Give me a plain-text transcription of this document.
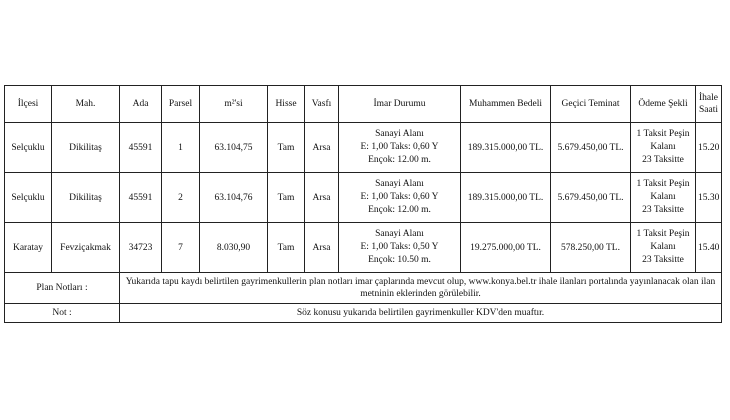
İlçesi	Mah.	Ada	Parsel	m²'si	Hisse	Vasfı	İmar Durumu	Muhammen Bedeli	Geçici Teminat	Ödeme Şekli	İhale Saati
Selçuklu	Dikilitaş	45591	1	63.104,75	Tam	Arsa	Sanayi Alanı
E: 1,00 Taks: 0,60 Y
Ençok: 12.00 m.	189.315.000,00 TL.	5.679.450,00 TL.	1 Taksit Peşin
Kalanı
23 Taksitte	15.20
Selçuklu	Dikilitaş	45591	2	63.104,76	Tam	Arsa	Sanayi Alanı
E: 1,00 Taks: 0,60 Y
Ençok: 12.00 m.	189.315.000,00 TL.	5.679.450,00 TL.	1 Taksit Peşin
Kalanı
23 Taksitte	15.30
Karatay	Fevziçakmak	34723	7	8.030,90	Tam	Arsa	Sanayi Alanı
E: 1,00 Taks: 0,50 Y
Ençok: 10.50 m.	19.275.000,00 TL.	578.250,00 TL.	1 Taksit Peşin
Kalanı
23 Taksitte	15.40
Plan Notları :		Yukarıda tapu kaydı belirtilen gayrimenkullerin plan notları imar çaplarında mevcut olup, www.konya.bel.tr ihale ilanları portalında yayınlanacak olan ilan metninin eklerinden görülebilir.									
Not :		Söz konusu yukarıda belirtilen gayrimenkuller KDV'den muaftır.									
